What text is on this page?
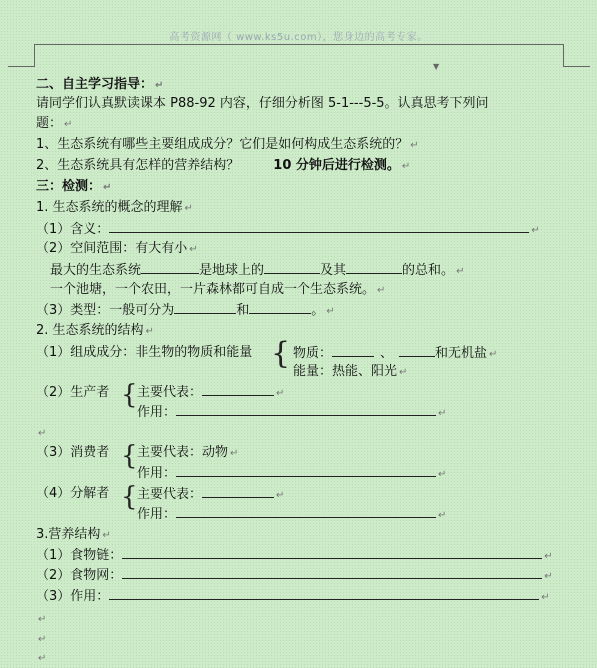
高考资源网（ www.ks5u.com），您身边的高考专家。
▼
二、自主学习指导： ↵
请同学们认真默读课本 P88-92 内容，仔细分析图 5-1---5-5。认真思考下列问
题： ↵
1、生态系统有哪些主要组成成分？它们是如何构成生态系统的？ ↵
2、生态系统具有怎样的营养结构？	10 分钟后进行检测。 ↵
三：检测： ↵
1. 生态系统的概念的理解 ↵
（1）含义：	↵
（2）空间范围：有大有小 ↵
最大的生态系统	是地球上的	及其	的总和。 ↵
一个池塘，一个农田，一片森林都可自成一个生态系统。 ↵
（3）类型：一般可分为	和	。 ↵
2. 生态系统的结构 ↵
（1）组成成分：非生物的物质和能量 { 物质：	、	和无机盐 ↵
能量：热能、阳光 ↵
（2）生产者 { 主要代表：	↵
作用：	↵
↵
（3）消费者 { 主要代表：动物 ↵
作用：	↵
（4）分解者 { 主要代表：	↵
作用：	↵
3.营养结构 ↵
（1）食物链：	↵
（2）食物网：	↵
（3）作用：	↵
↵
↵
↵
